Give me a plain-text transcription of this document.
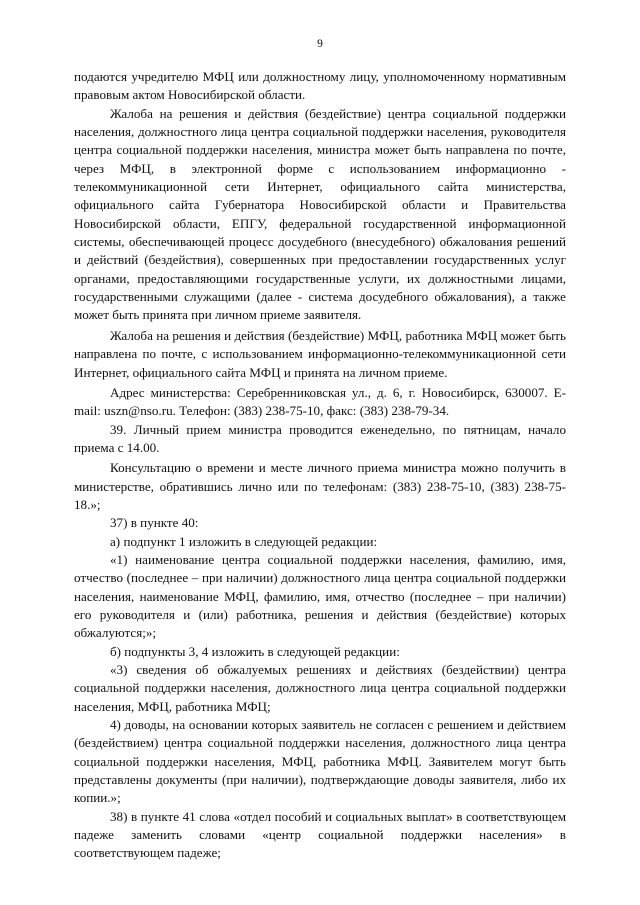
9

подаются учредителю МФЦ или должностному лицу, уполномоченному нормативным правовым актом Новосибирской области.

Жалоба на решения и действия (бездействие) центра социальной поддержки населения, должностного лица центра социальной поддержки населения, руководителя центра социальной поддержки населения, министра может быть направлена по почте, через МФЦ, в электронной форме с использованием информационно - телекоммуникационной сети Интернет, официального сайта министерства, официального сайта Губернатора Новосибирской области и Правительства Новосибирской области, ЕПГУ, федеральной государственной информационной системы, обеспечивающей процесс досудебного (внесудебного) обжалования решений и действий (бездействия), совершенных при предоставлении государственных услуг органами, предоставляющими государственные услуги, их должностными лицами, государственными служащими (далее - система досудебного обжалования), а также может быть принята при личном приеме заявителя.

Жалоба на решения и действия (бездействие) МФЦ, работника МФЦ может быть направлена по почте, с использованием информационно-телекоммуникационной сети Интернет, официального сайта МФЦ и принята на личном приеме.

Адрес министерства: Серебренниковская ул., д. 6, г. Новосибирск, 630007. E-mail: uszn@nso.ru. Телефон: (383) 238-75-10, факс: (383) 238-79-34.

39. Личный прием министра проводится еженедельно, по пятницам, начало приема с 14.00.

Консультацию о времени и месте личного приема министра можно получить в министерстве, обратившись лично или по телефонам: (383) 238-75-10, (383) 238-75-18.»;

37) в пункте 40:

а) подпункт 1 изложить в следующей редакции:

«1) наименование центра социальной поддержки населения, фамилию, имя, отчество (последнее – при наличии) должностного лица центра социальной поддержки населения, наименование МФЦ, фамилию, имя, отчество (последнее – при наличии) его руководителя и (или) работника, решения и действия (бездействие) которых обжалуются;»;

б) подпункты 3, 4 изложить в следующей редакции:

«3) сведения об обжалуемых решениях и действиях (бездействии) центра социальной поддержки населения, должностного лица центра социальной поддержки населения, МФЦ, работника МФЦ;

4) доводы, на основании которых заявитель не согласен с решением и действием (бездействием) центра социальной поддержки населения, должностного лица центра социальной поддержки населения, МФЦ, работника МФЦ. Заявителем могут быть представлены документы (при наличии), подтверждающие доводы заявителя, либо их копии.»;

38) в пункте 41 слова «отдел пособий и социальных выплат» в соответствующем падеже заменить словами «центр социальной поддержки населения» в соответствующем падеже;
